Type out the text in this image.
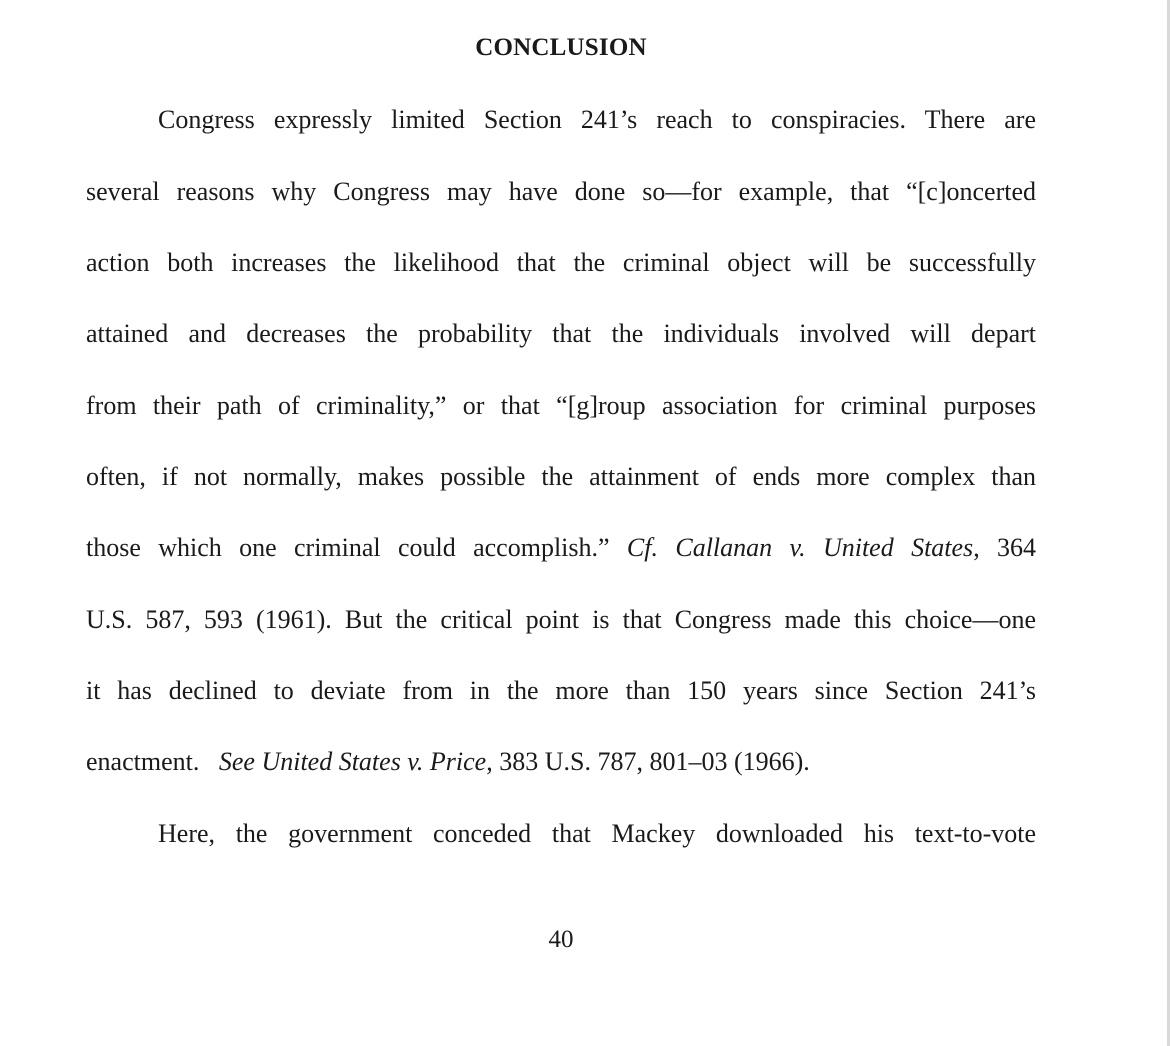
CONCLUSION
Congress expressly limited Section 241’s reach to conspiracies. There are
several reasons why Congress may have done so—for example, that “[c]oncerted
action both increases the likelihood that the criminal object will be successfully
attained and decreases the probability that the individuals involved will depart
from their path of criminality,” or that “[g]roup association for criminal purposes
often, if not normally, makes possible the attainment of ends more complex than
those which one criminal could accomplish.” Cf. Callanan v. United States, 364
U.S. 587, 593 (1961). But the critical point is that Congress made this choice—one
it has declined to deviate from in the more than 150 years since Section 241’s
enactment. See United States v. Price, 383 U.S. 787, 801–03 (1966).
Here, the government conceded that Mackey downloaded his text-to-vote
40
